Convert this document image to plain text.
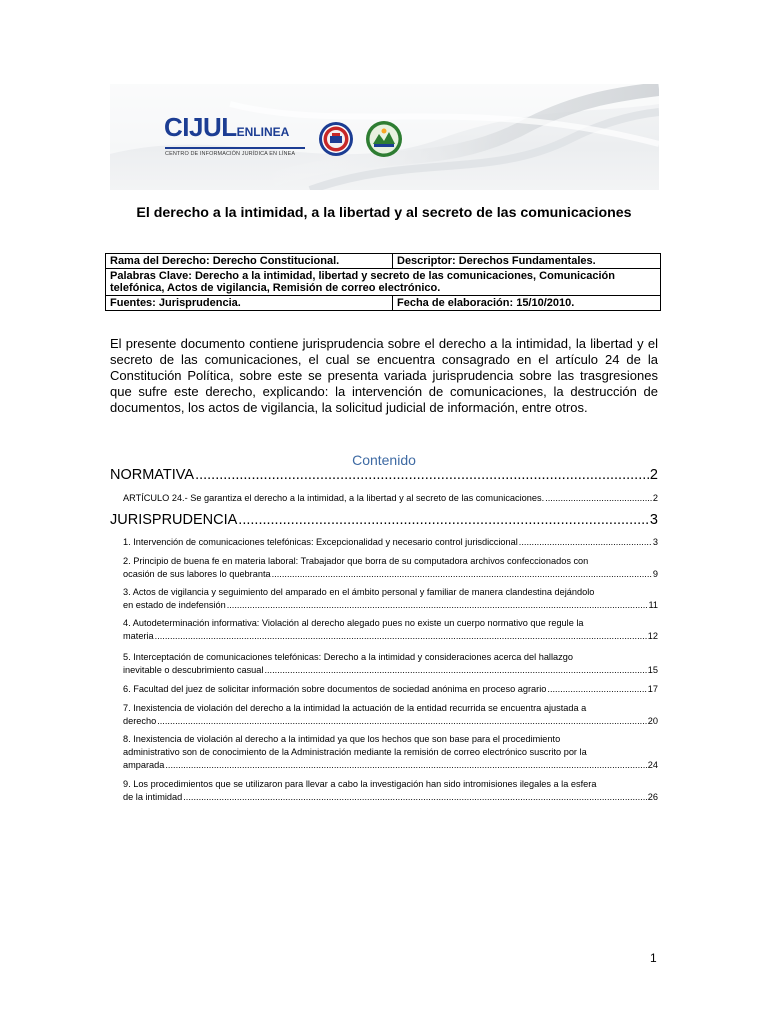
CIJULENLINEA
CENTRO DE INFORMACIÓN JURÍDICA EN LÍNEA
El derecho a la intimidad, a la libertad y al secreto de las comunicaciones
Rama del Derecho: Derecho Constitucional.	Descriptor: Derechos Fundamentales.
Palabras Clave: Derecho a la intimidad, libertad y secreto de las comunicaciones, Comunicación telefónica, Actos de vigilancia, Remisión de correo electrónico.	
Fuentes: Jurisprudencia.	Fecha de elaboración: 15/10/2010.
El presente documento contiene jurisprudencia sobre el derecho a la intimidad, la libertad y el secreto de las comunicaciones, el cual se encuentra consagrado en el artículo 24 de la Constitución Política, sobre este se presenta variada jurisprudencia sobre las trasgresiones que sufre este derecho, explicando: la intervención de comunicaciones, la destrucción de documentos, los actos de vigilancia, la solicitud judicial de información, entre otros.
Contenido
NORMATIVA .....	2
ARTÍCULO 24.- Se garantiza el derecho a la intimidad, a la libertad y al secreto de las comunicaciones. .....	2
JURISPRUDENCIA .....	3
1. Intervención de comunicaciones telefónicas: Excepcionalidad y necesario control jurisdiccional .....	3
2. Principio de buena fe en materia laboral: Trabajador que borra de su computadora archivos confeccionados con
ocasión de sus labores lo quebranta .....	9
3. Actos de vigilancia y seguimiento del amparado en el ámbito personal y familiar de manera clandestina dejándolo
en estado de indefensión .....	11
4. Autodeterminación informativa: Violación al derecho alegado pues no existe un cuerpo normativo que regule la
materia .....	12
5. Interceptación de comunicaciones telefónicas: Derecho a la intimidad y consideraciones acerca del hallazgo
inevitable o descubrimiento casual .....	15
6. Facultad del juez de solicitar información sobre documentos de sociedad anónima en proceso agrario .....	17
7. Inexistencia de violación del derecho a la intimidad la actuación de la entidad recurrida se encuentra ajustada a
derecho .....	20
8. Inexistencia de violación al derecho a la intimidad ya que los hechos que son base para el procedimiento
administrativo son de conocimiento de la Administración mediante la remisión de correo electrónico suscrito por la
amparada .....	24
9. Los procedimientos que se utilizaron para llevar a cabo la investigación han sido intromisiones ilegales a la esfera
de la intimidad .....	26
1
